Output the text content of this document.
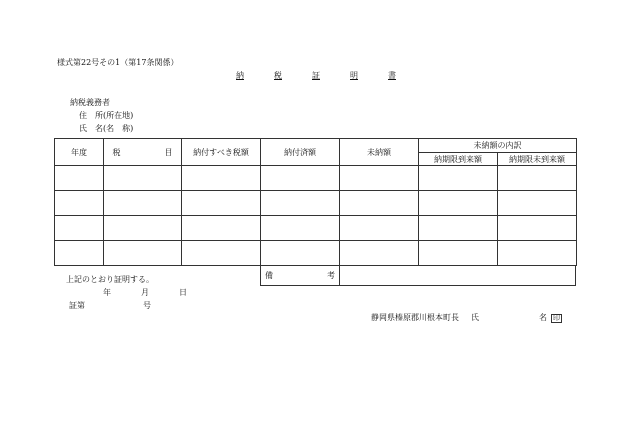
様式第22号その1（第17条関係）
納	税	証	明	書
納税義務者
住　所(所在地)
氏　名(名　称)
年度	税 目	納付すべき税額	納付済額	未納額	未納額の内訳	
					納期限到来額	納期限未到来額

備	考

上記のとおり証明する。
年	月	日
証第	号
静岡県榛原郡川根本町長 氏	名 印
